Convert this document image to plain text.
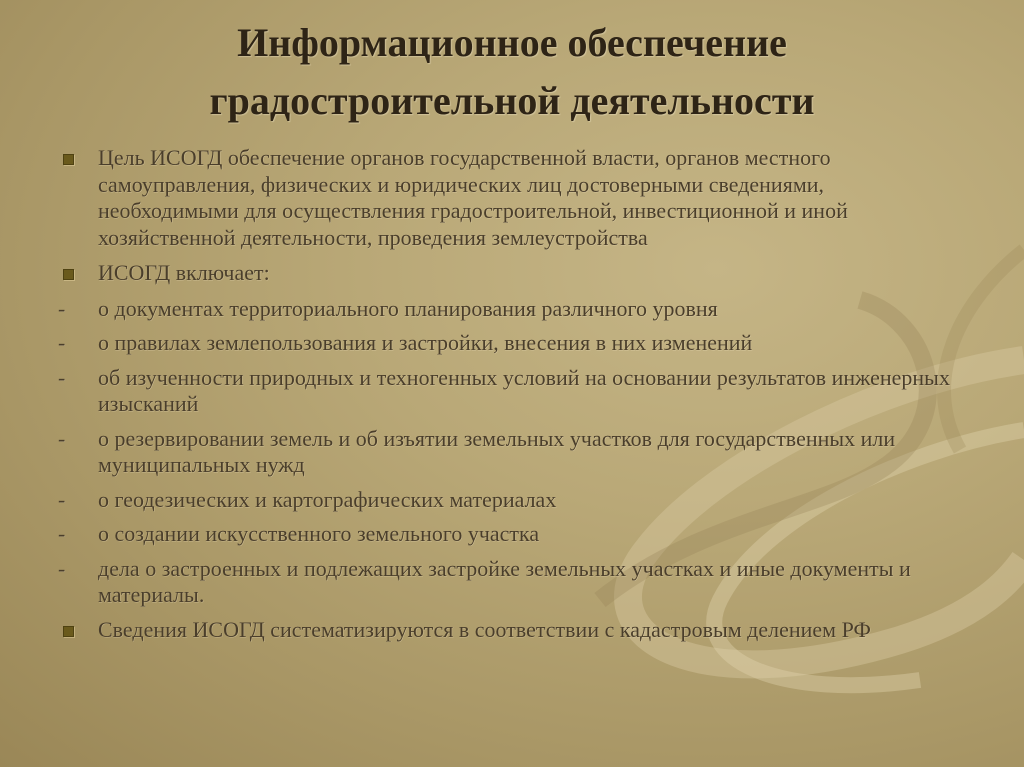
Информационное обеспечение
градостроительной деятельности
Цель ИСОГД обеспечение органов государственной власти, органов местного самоуправления, физических и юридических лиц достоверными сведениями, необходимыми для осуществления градостроительной, инвестиционной и иной хозяйственной деятельности, проведения землеустройства
ИСОГД включает:
- о документах территориального планирования различного уровня
- о правилах землепользования и застройки, внесения в них изменений
- об изученности природных и техногенных условий на основании результатов инженерных изысканий
- о резервировании земель и об изъятии земельных участков для государственных или муниципальных нужд
- о геодезических и картографических материалах
- о создании искусственного земельного участка
- дела о застроенных и подлежащих застройке земельных участках и иные документы и материалы.
Сведения ИСОГД систематизируются в соответствии с кадастровым делением РФ
